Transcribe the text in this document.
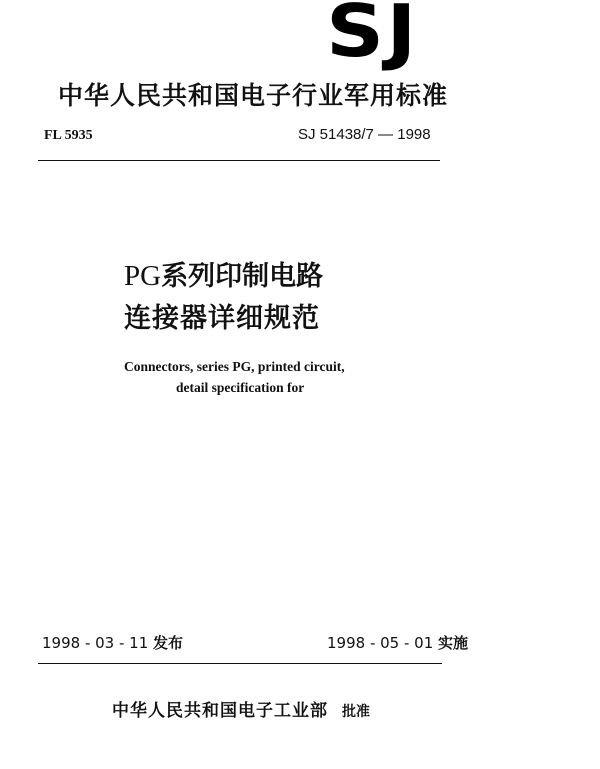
SJ
中华人民共和国电子行业军用标准
FL 5935	SJ 51438/7 — 1998
PG系列印制电路
连接器详细规范
Connectors, series PG, printed circuit,
detail specification for
1998 - 03 - 11 发布	1998 - 05 - 01 实施
中华人民共和国电子工业部 批准
